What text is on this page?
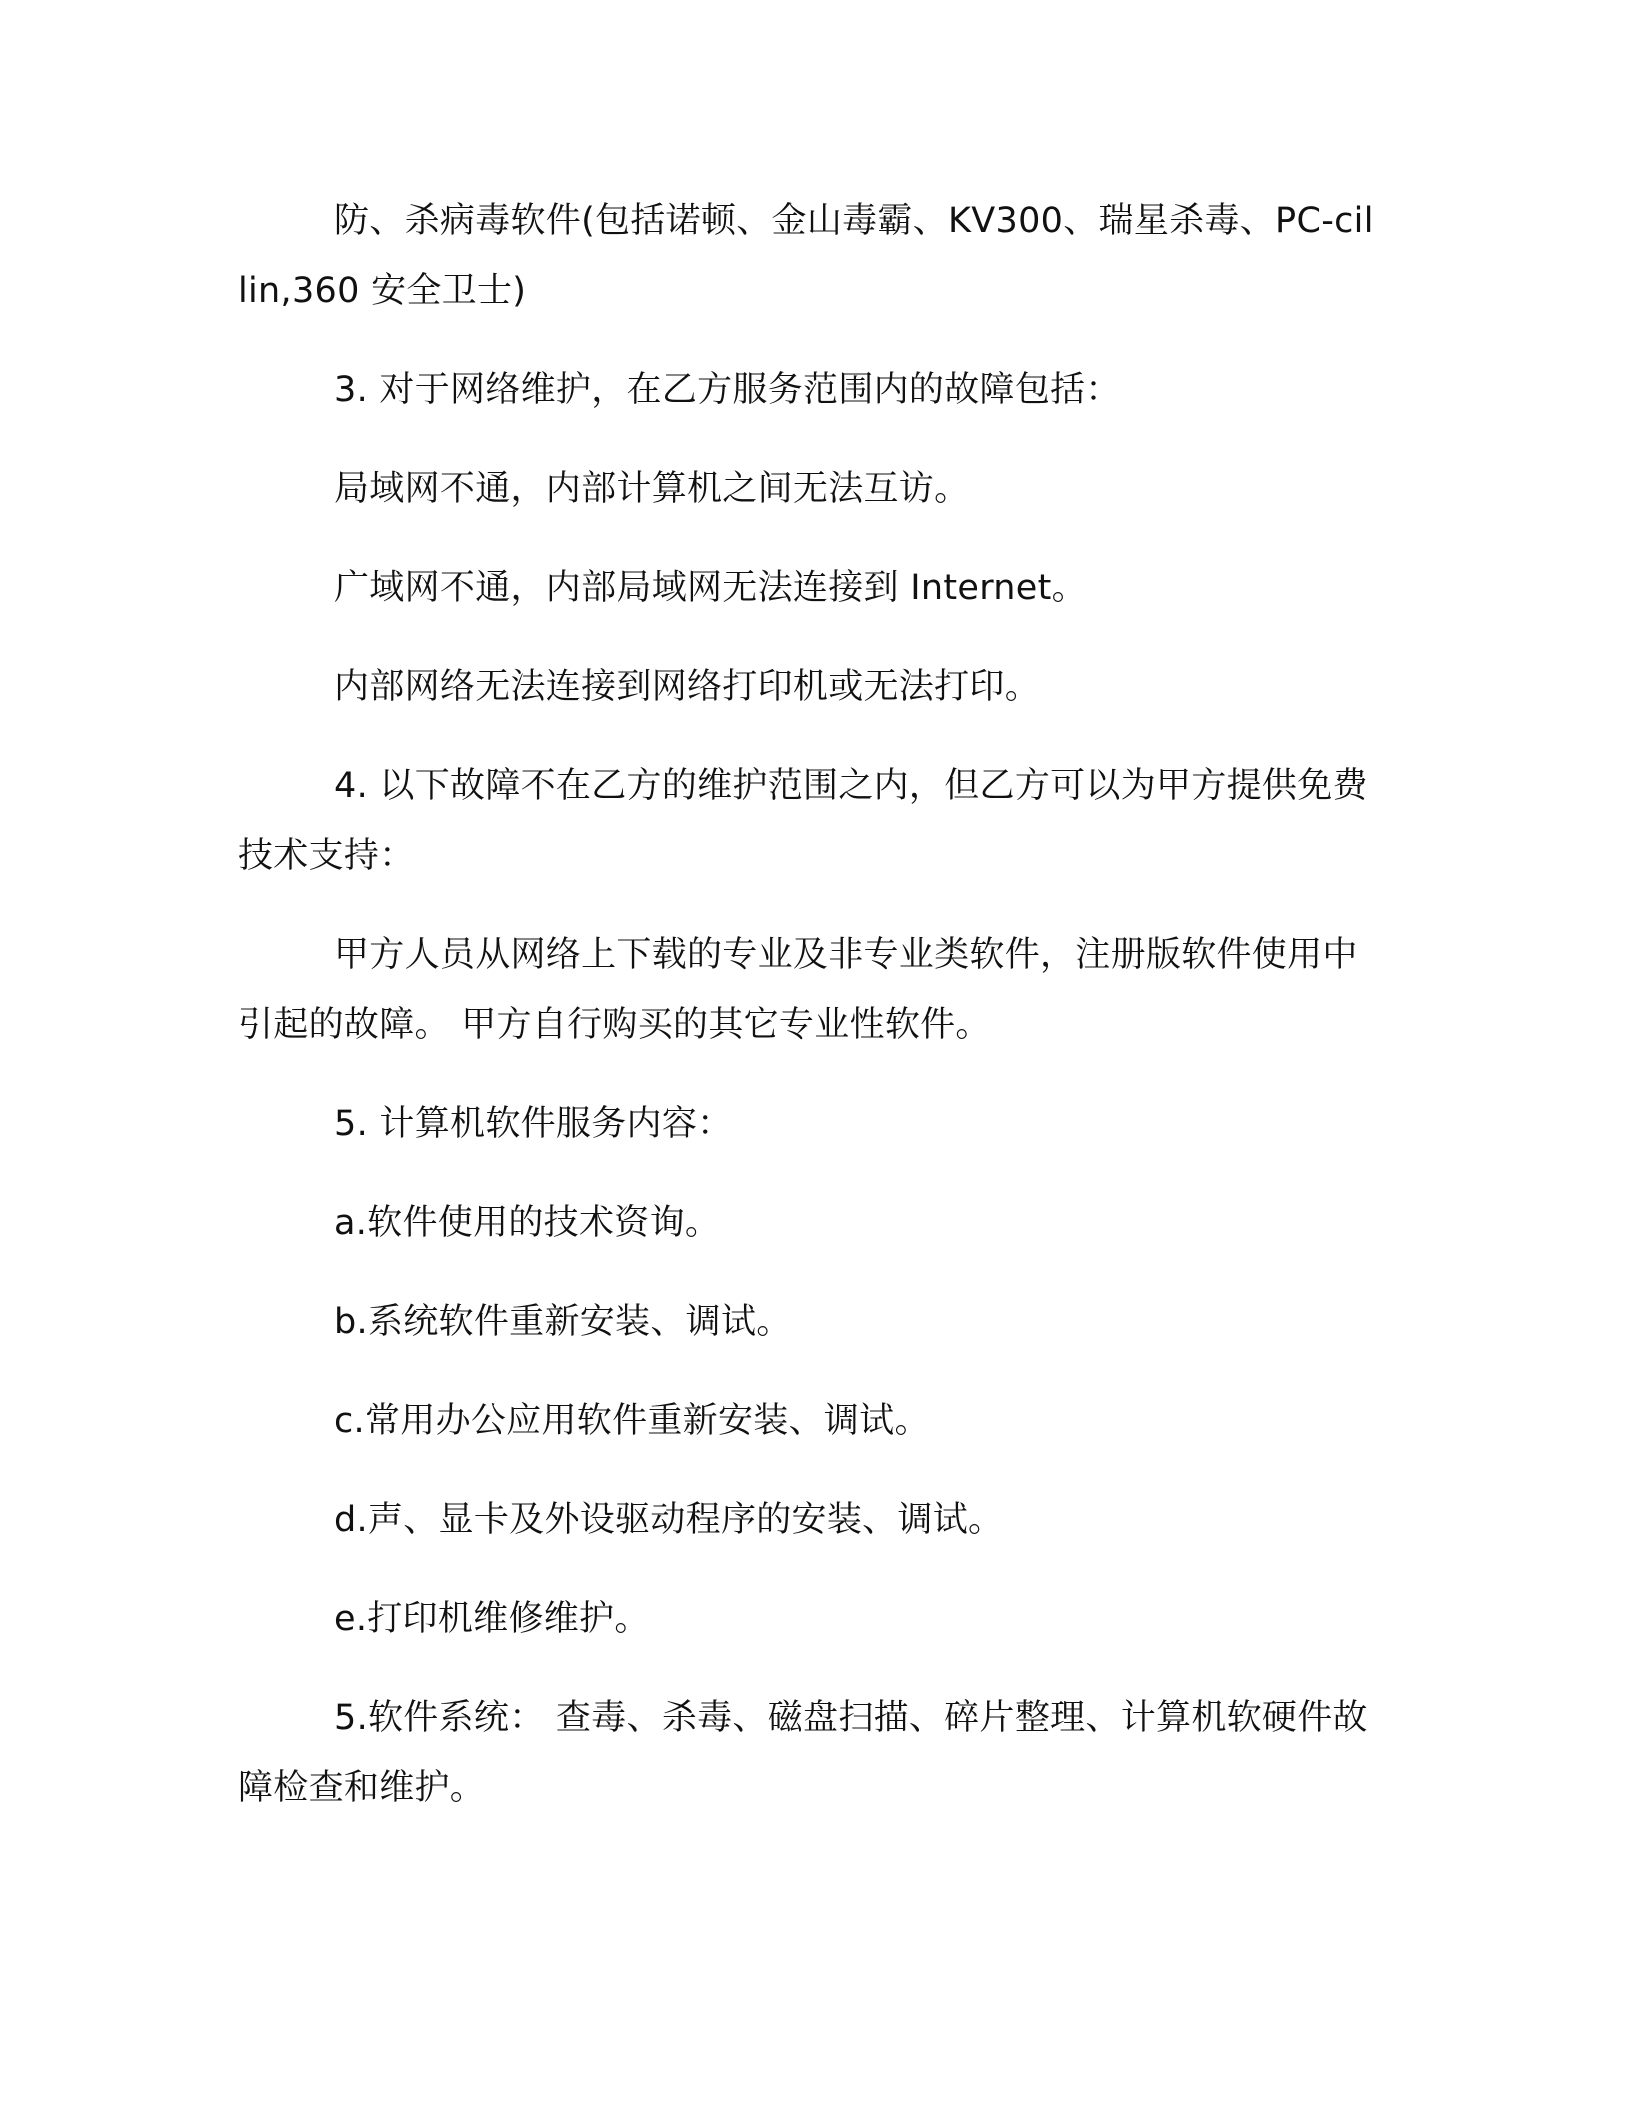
防、杀病毒软件(包括诺顿、金山毒霸、KV300、瑞星杀毒、PC-cillin,360 安全卫士)

3. 对于网络维护，在乙方服务范围内的故障包括：

局域网不通，内部计算机之间无法互访。

广域网不通，内部局域网无法连接到 Internet。

内部网络无法连接到网络打印机或无法打印。

4. 以下故障不在乙方的维护范围之内，但乙方可以为甲方提供免费技术支持：

甲方人员从网络上下载的专业及非专业类软件，注册版软件使用中引起的故障。 甲方自行购买的其它专业性软件。

5. 计算机软件服务内容：

a.软件使用的技术资询。

b.系统软件重新安装、调试。

c.常用办公应用软件重新安装、调试。

d.声、显卡及外设驱动程序的安装、调试。

e.打印机维修维护。

5.软件系统： 查毒、杀毒、磁盘扫描、碎片整理、计算机软硬件故障检查和维护。
